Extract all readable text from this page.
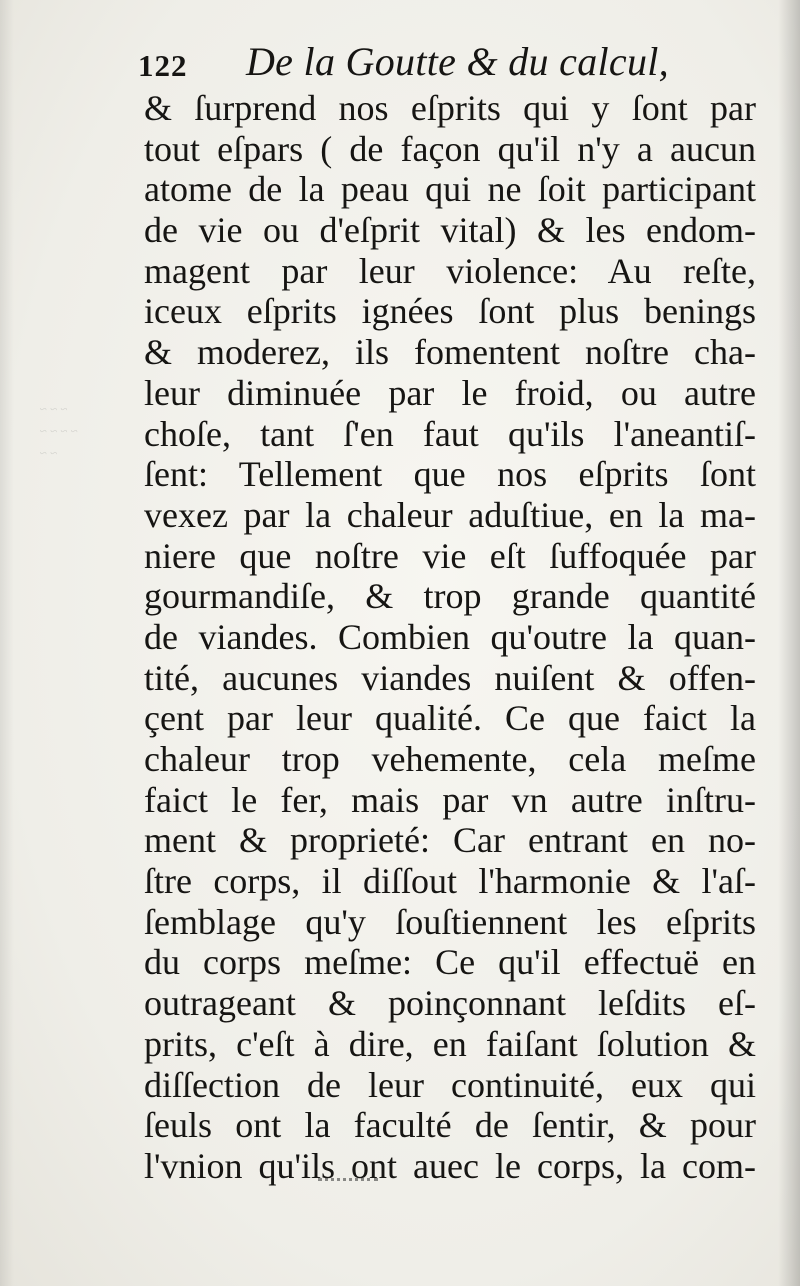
~ ~ ~
~ ~ ~ ~
~ ~
122 De la Goutte & du calcul,
& ſurprend nos eſprits qui y ſont par
tout eſpars ( de façon qu'il n'y a aucun
atome de la peau qui ne ſoit participant
de vie ou d'eſprit vital) & les endom-
magent par leur violence: Au reſte,
iceux eſprits ignées ſont plus benings
& moderez, ils fomentent noſtre cha-
leur diminuée par le froid, ou autre
choſe, tant ſ'en faut qu'ils l'aneantiſ-
ſent: Tellement que nos eſprits ſont
vexez par la chaleur aduſtiue, en la ma-
niere que noſtre vie eſt ſuffoquée par
gourmandiſe, & trop grande quantité
de viandes. Combien qu'outre la quan-
tité, aucunes viandes nuiſent & offen-
çent par leur qualité. Ce que faict la
chaleur trop vehemente, cela meſme
faict le fer, mais par vn autre inſtru-
ment & proprieté: Car entrant en no-
ſtre corps, il diſſout l'harmonie & l'aſ-
ſemblage qu'y ſouſtiennent les eſprits
du corps meſme: Ce qu'il effectuë en
outrageant & poinçonnant leſdits eſ-
prits, c'eſt à dire, en faiſant ſolution &
diſſection de leur continuité, eux qui
ſeuls ont la faculté de ſentir, & pour
l'vnion qu'ils ont auec le corps, la com-
